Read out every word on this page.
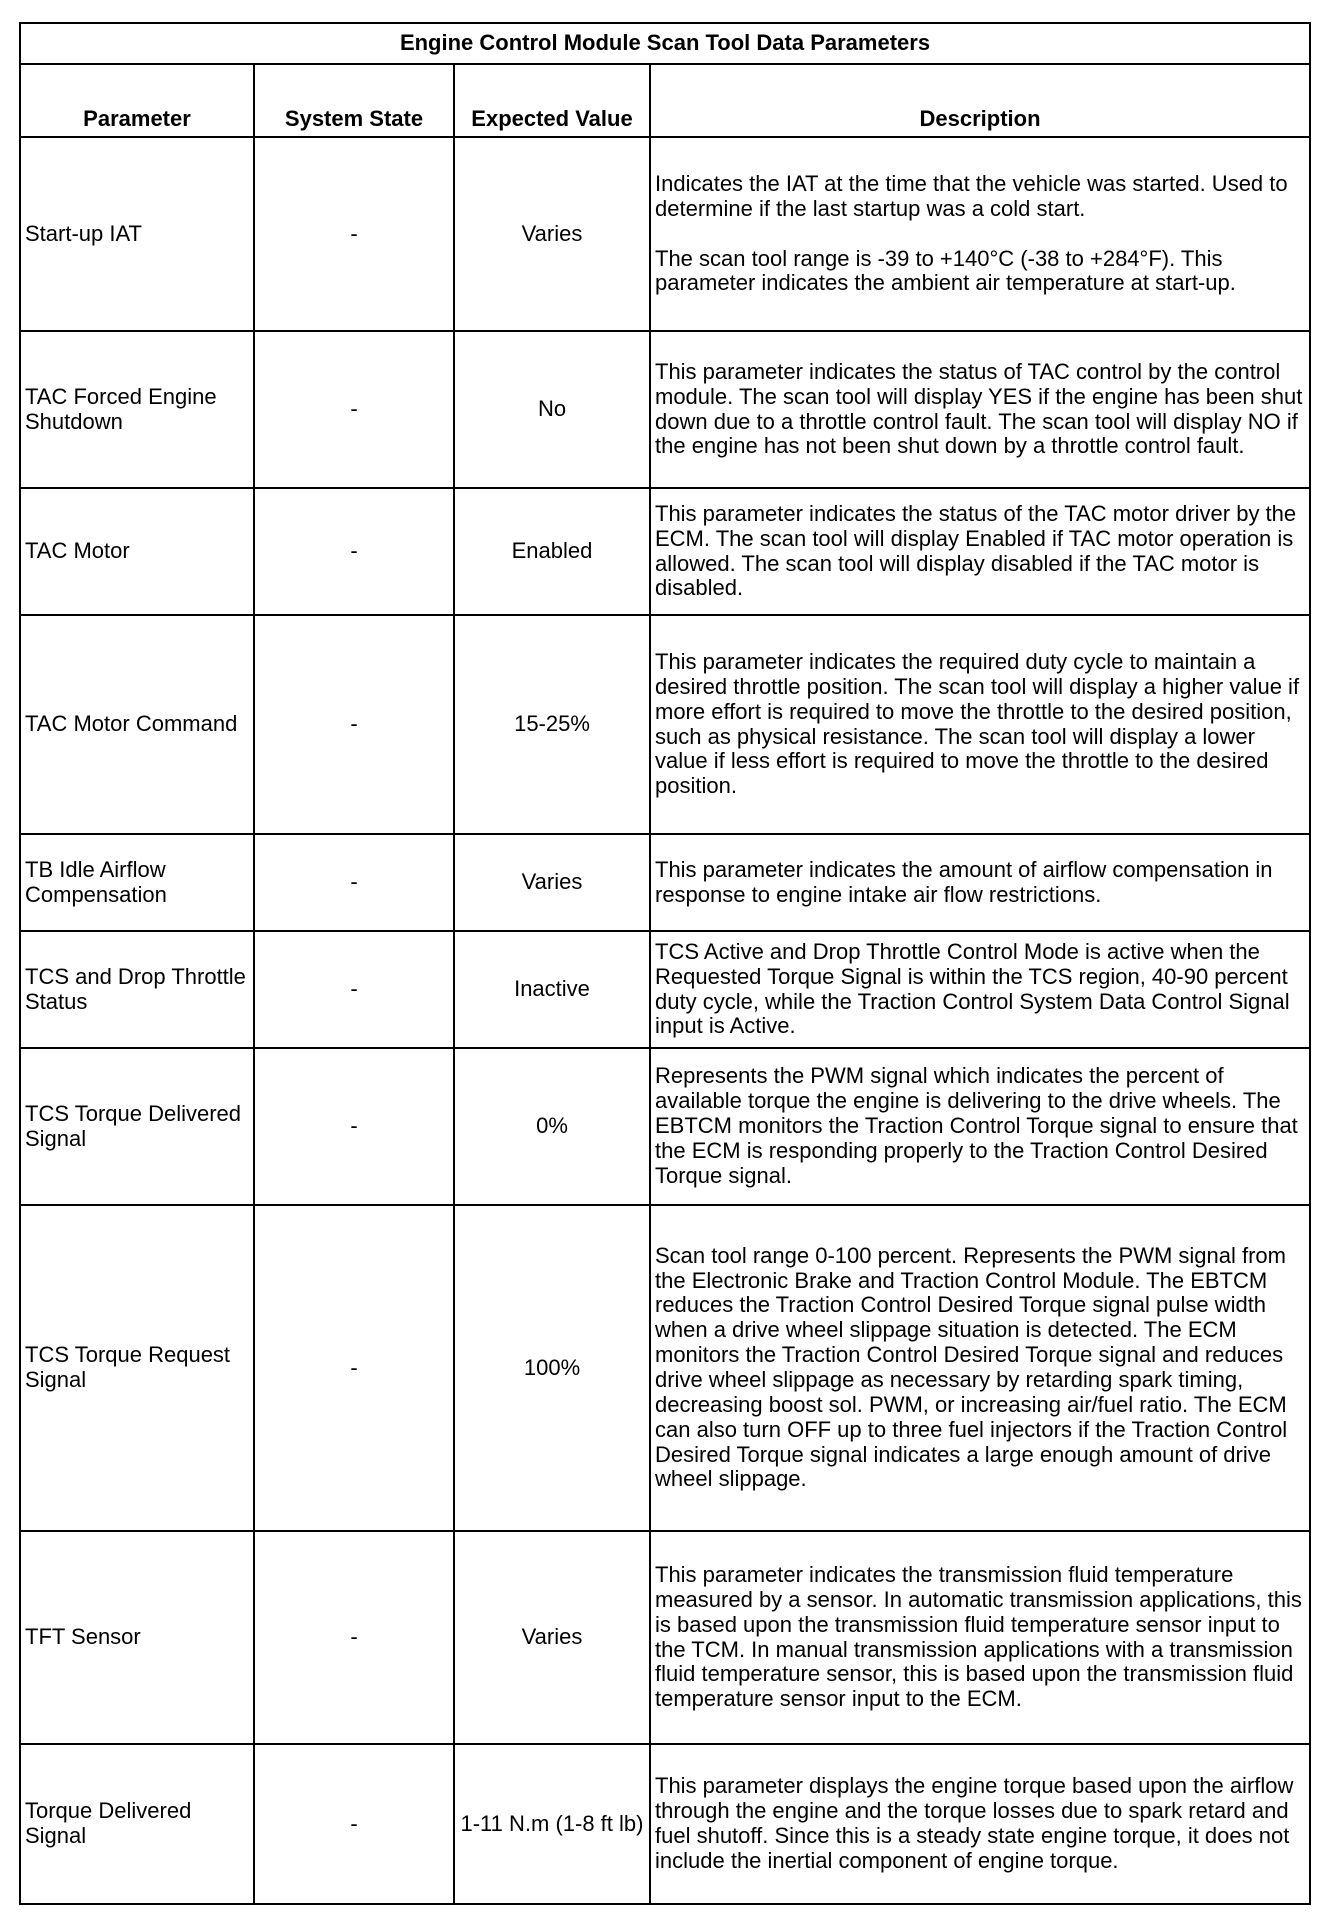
Engine Control Module Scan Tool Data Parameters			
Parameter	System State	Expected Value	Description
Start-up IAT	-	Varies	Indicates the IAT at the time that the vehicle was started. Used to determine if the last startup was a cold start.
The scan tool range is -39 to +140°C (-38 to +284°F). This parameter indicates the ambient air temperature at start-up.

TAC Forced Engine Shutdown	-	No	This parameter indicates the status of TAC control by the control module. The scan tool will display YES if the engine has been shut down due to a throttle control fault. The scan tool will display NO if the engine has not been shut down by a throttle control fault.

TAC Motor	-	Enabled	This parameter indicates the status of the TAC motor driver by the ECM. The scan tool will display Enabled if TAC motor operation is allowed. The scan tool will display disabled if the TAC motor is disabled.

TAC Motor Command	-	15-25%	This parameter indicates the required duty cycle to maintain a desired throttle position. The scan tool will display a higher value if more effort is required to move the throttle to the desired position, such as physical resistance. The scan tool will display a lower value if less effort is required to move the throttle to the desired position.

TB Idle Airflow Compensation	-	Varies	This parameter indicates the amount of airflow compensation in response to engine intake air flow restrictions.

TCS and Drop Throttle Status	-	Inactive	TCS Active and Drop Throttle Control Mode is active when the Requested Torque Signal is within the TCS region, 40-90 percent duty cycle, while the Traction Control System Data Control Signal input is Active.

TCS Torque Delivered Signal	-	0%	Represents the PWM signal which indicates the percent of available torque the engine is delivering to the drive wheels. The EBTCM monitors the Traction Control Torque signal to ensure that the ECM is responding properly to the Traction Control Desired Torque signal.

TCS Torque Request Signal	-	100%	Scan tool range 0-100 percent. Represents the PWM signal from the Electronic Brake and Traction Control Module. The EBTCM reduces the Traction Control Desired Torque signal pulse width when a drive wheel slippage situation is detected. The ECM monitors the Traction Control Desired Torque signal and reduces drive wheel slippage as necessary by retarding spark timing, decreasing boost sol. PWM, or increasing air/fuel ratio. The ECM can also turn OFF up to three fuel injectors if the Traction Control Desired Torque signal indicates a large enough amount of drive wheel slippage.

TFT Sensor	-	Varies	This parameter indicates the transmission fluid temperature measured by a sensor. In automatic transmission applications, this is based upon the transmission fluid temperature sensor input to the TCM. In manual transmission applications with a transmission fluid temperature sensor, this is based upon the transmission fluid temperature sensor input to the ECM.

Torque Delivered Signal	-	1-11 N.m (1-8 ft lb)	This parameter displays the engine torque based upon the airflow through the engine and the torque losses due to spark retard and fuel shutoff. Since this is a steady state engine torque, it does not include the inertial component of engine torque.
